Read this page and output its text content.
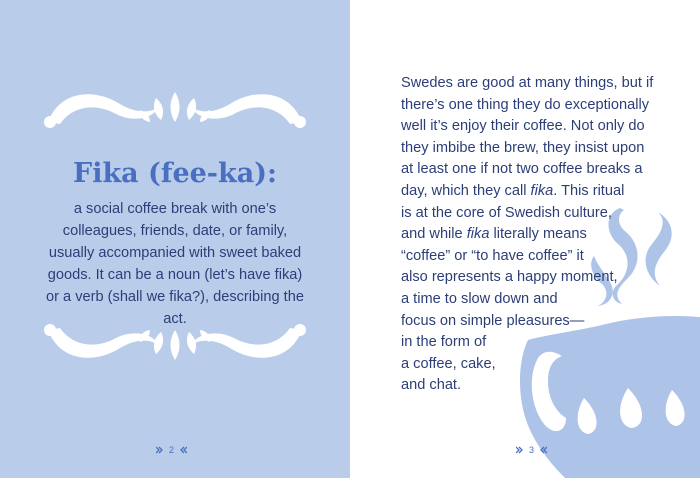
Fika (fee-ka):

a social coffee break with one’s colleagues, friends, date, or family, usually accompanied with sweet baked goods. It can be a noun (let’s have fika) or a verb (shall we fika?), describing the act.

2

Swedes are good at many things, but if
there’s one thing they do exceptionally
well it’s enjoy their coffee. Not only do
they imbibe the brew, they insist upon
at least one if not two coffee breaks a
day, which they call fika. This ritual
is at the core of Swedish culture,
and while fika literally means
“coffee” or “to have coffee” it
also represents a happy moment,
a time to slow down and
focus on simple pleasures—
in the form of
a coffee, cake,
and chat.

3
